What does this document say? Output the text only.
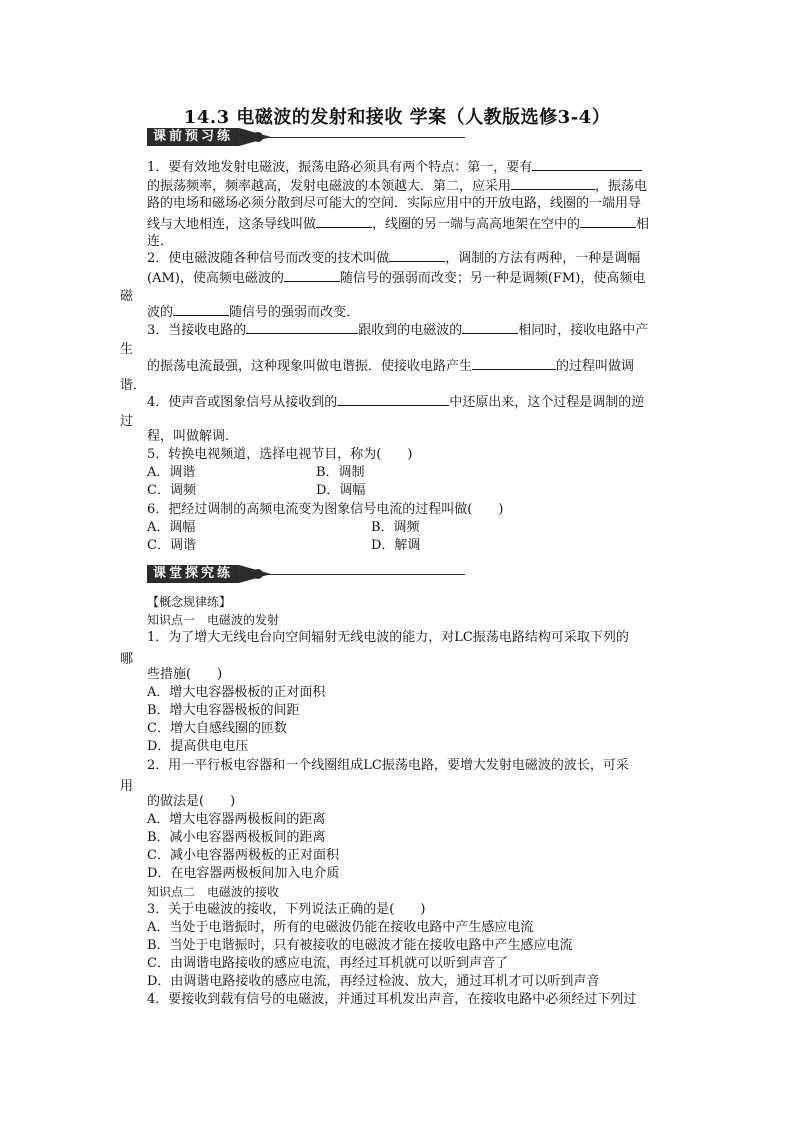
14.3 电磁波的发射和接收 学案（人教版选修3-4）
课前预习练
1．要有效地发射电磁波，振荡电路必须具有两个特点：第一，要有
的振荡频率，频率越高，发射电磁波的本领越大．第二，应采用	，振荡电
路的电场和磁场必须分散到尽可能大的空间．实际应用中的开放电路，线圈的一端用导
线与大地相连，这条导线叫做	，线圈的另一端与高高地架在空中的	相
连．
2．使电磁波随各种信号而改变的技术叫做	，调制的方法有两种，一种是调幅
(AM)，使高频电磁波的	随信号的强弱而改变；另一种是调频(FM)，使高频电
磁
波的	随信号的强弱而改变．
3．当接收电路的	跟收到的电磁波的	相同时，接收电路中产
生
的振荡电流最强，这种现象叫做电谐振．使接收电路产生	的过程叫做调
谐．
4．使声音或图象信号从接收到的	中还原出来，这个过程是调制的逆
过
程，叫做解调．
5．转换电视频道，选择电视节目，称为(　　)
A．调谐	B．调制
C．调频	D．调幅
6．把经过调制的高频电流变为图象信号电流的过程叫做(　　)
A．调幅	B．调频
C．调谐	D．解调
课堂探究练
【概念规律练】
知识点一　电磁波的发射
1．为了增大无线电台向空间辐射无线电波的能力，对LC振荡电路结构可采取下列的
哪
些措施(　　)
A．增大电容器极板的正对面积
B．增大电容器极板的间距
C．增大自感线圈的匝数
D．提高供电电压
2．用一平行板电容器和一个线圈组成LC振荡电路，要增大发射电磁波的波长，可采
用
的做法是(　　)
A．增大电容器两极板间的距离
B．减小电容器两极板间的距离
C．减小电容器两极板的正对面积
D．在电容器两极板间加入电介质
知识点二　电磁波的接收
3．关于电磁波的接收，下列说法正确的是(　　)
A．当处于电谐振时，所有的电磁波仍能在接收电路中产生感应电流
B．当处于电谐振时，只有被接收的电磁波才能在接收电路中产生感应电流
C．由调谐电路接收的感应电流，再经过耳机就可以听到声音了
D．由调谐电路接收的感应电流，再经过检波、放大，通过耳机才可以听到声音
4．要接收到载有信号的电磁波，并通过耳机发出声音，在接收电路中必须经过下列过
